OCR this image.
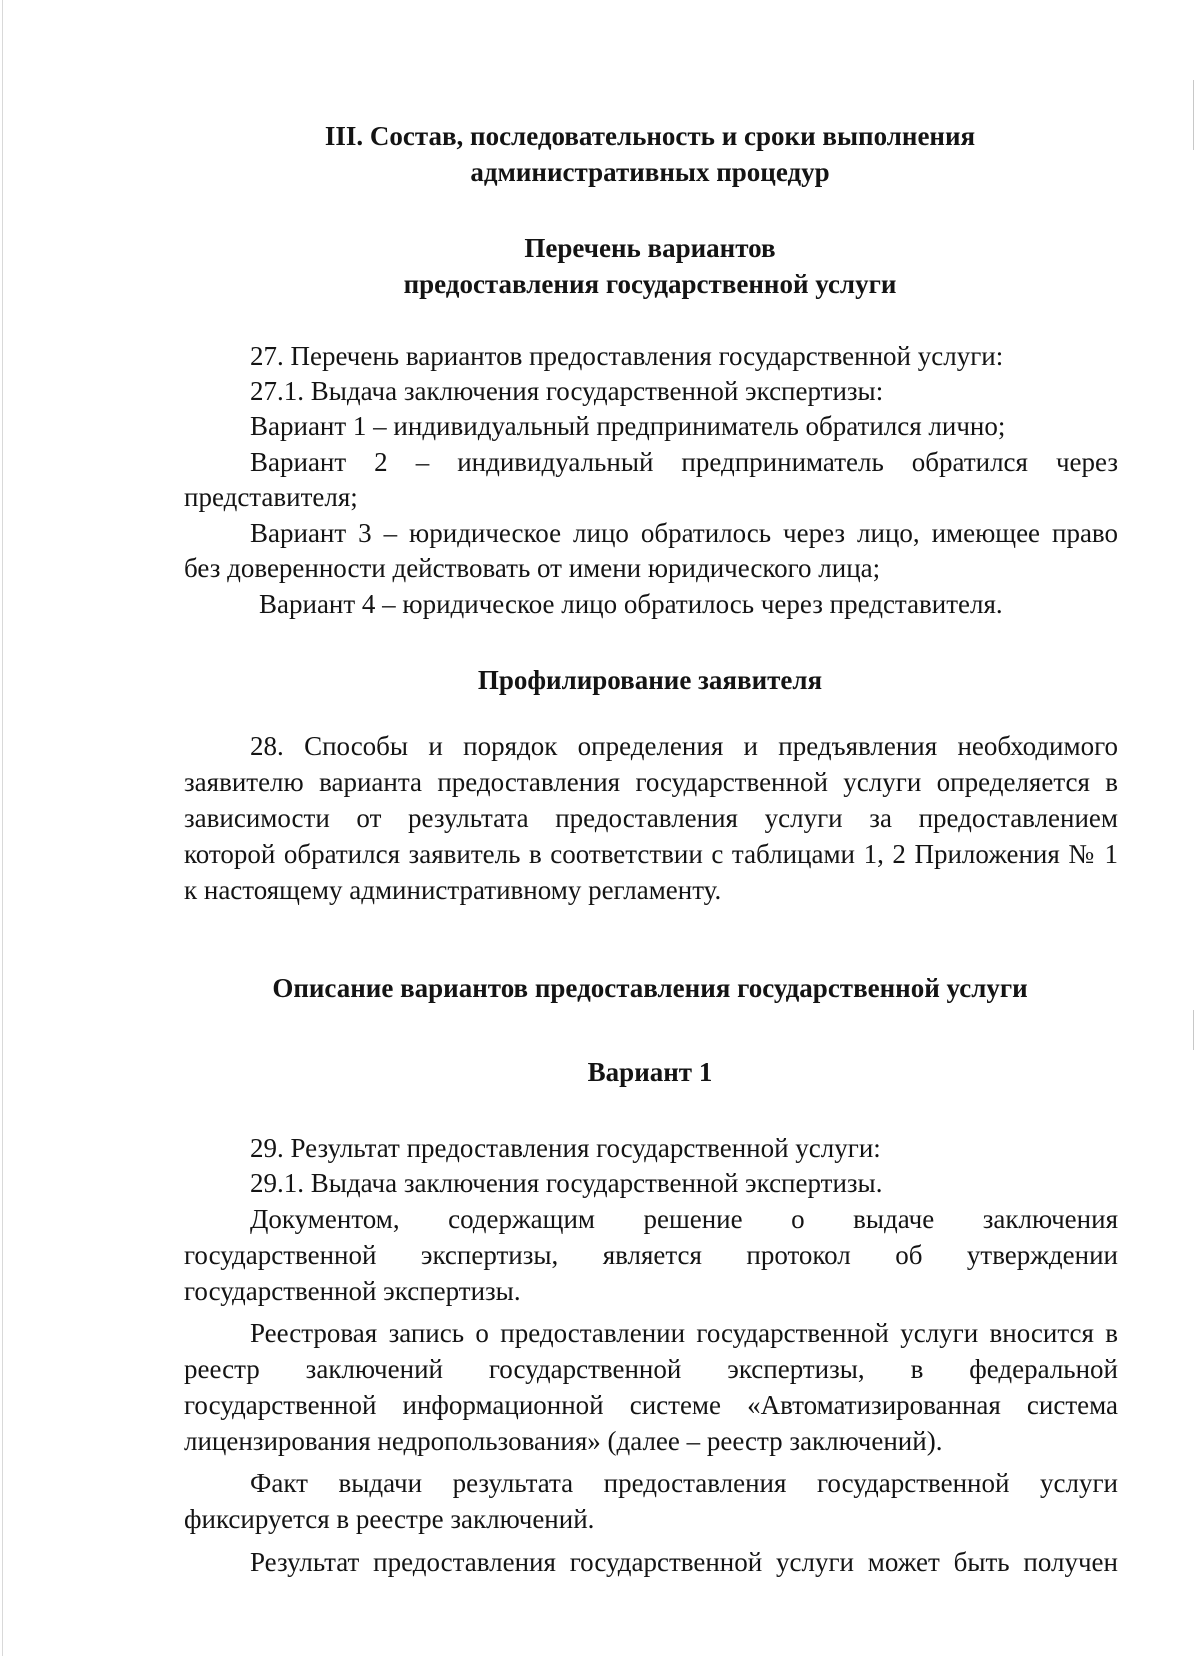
III. Состав, последовательность и сроки выполнения

административных процедур

Перечень вариантов

предоставления государственной услуги

27. Перечень вариантов предоставления государственной услуги:

27.1. Выдача заключения государственной экспертизы:

Вариант 1 – индивидуальный предприниматель обратился лично;

Вариант 2 – индивидуальный предприниматель обратился через

представителя;

Вариант 3 – юридическое лицо обратилось через лицо, имеющее право

без доверенности действовать от имени юридического лица;

Вариант 4 – юридическое лицо обратилось через представителя.

Профилирование заявителя

28. Способы и порядок определения и предъявления необходимого

заявителю варианта предоставления государственной услуги определяется в

зависимости от результата предоставления услуги за предоставлением

которой обратился заявитель в соответствии с таблицами 1, 2 Приложения № 1

к настоящему административному регламенту.

Описание вариантов предоставления государственной услуги

Вариант 1

29. Результат предоставления государственной услуги:

29.1. Выдача заключения государственной экспертизы.

Документом, содержащим решение о выдаче заключения

государственной экспертизы, является протокол об утверждении

государственной экспертизы.

Реестровая запись о предоставлении государственной услуги вносится в

реестр заключений государственной экспертизы, в федеральной

государственной информационной системе «Автоматизированная система

лицензирования недропользования» (далее – реестр заключений).

Факт выдачи результата предоставления государственной услуги

фиксируется в реестре заключений.

Результат предоставления государственной услуги может быть получен
